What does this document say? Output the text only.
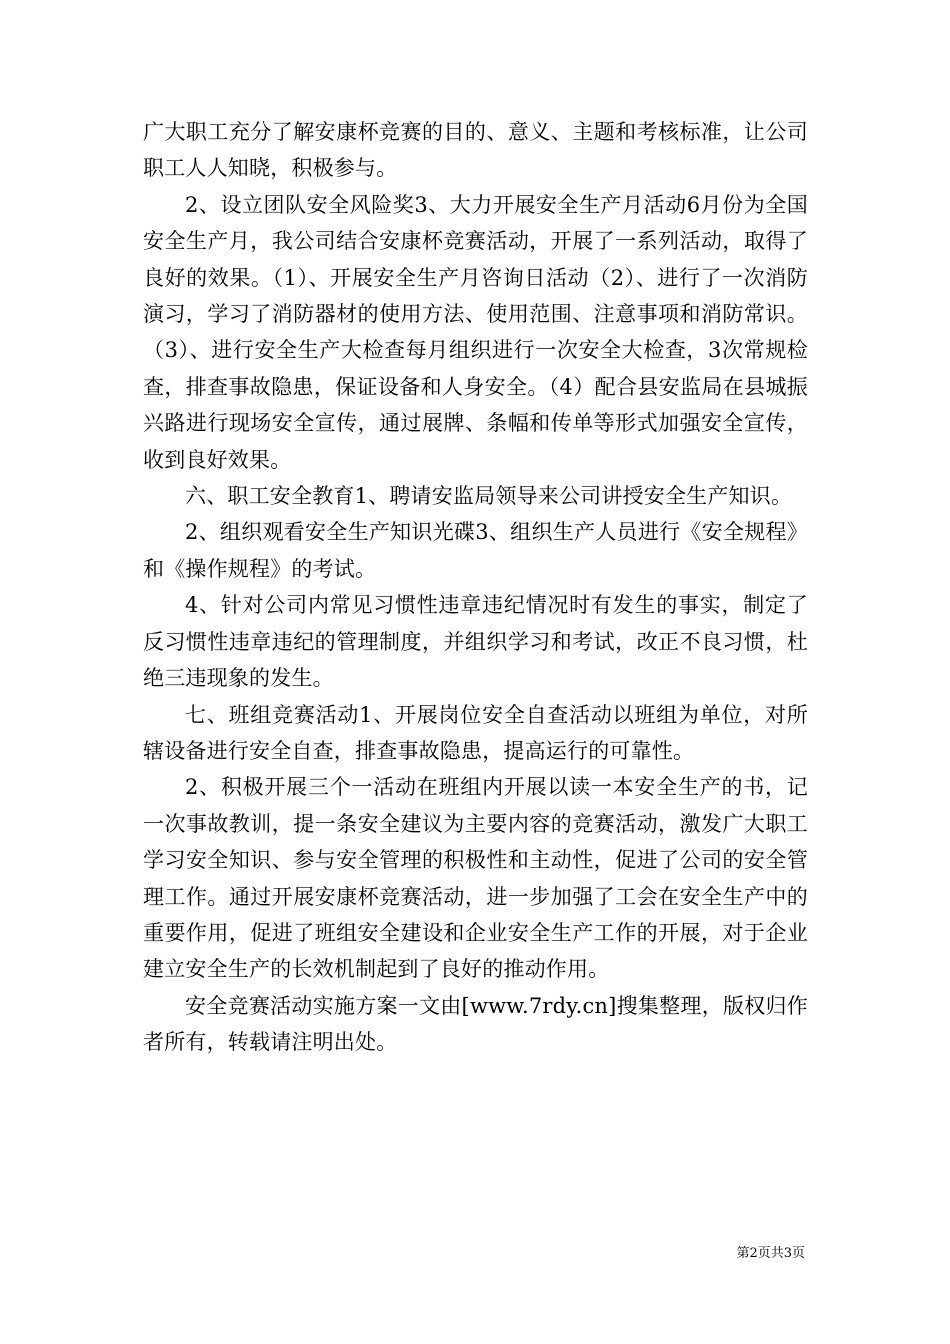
广大职工充分了解安康杯竞赛的目的、意义、主题和考核标准，让公司职工人人知晓，积极参与。

2、设立团队安全风险奖3、大力开展安全生产月活动6月份为全国安全生产月，我公司结合安康杯竞赛活动，开展了一系列活动，取得了良好的效果。（1）、开展安全生产月咨询日活动（2）、进行了一次消防演习，学习了消防器材的使用方法、使用范围、注意事项和消防常识。（3）、进行安全生产大检查每月组织进行一次安全大检查，3次常规检查，排查事故隐患，保证设备和人身安全。（4）配合县安监局在县城振兴路进行现场安全宣传，通过展牌、条幅和传单等形式加强安全宣传，收到良好效果。

六、职工安全教育1、聘请安监局领导来公司讲授安全生产知识。

2、组织观看安全生产知识光碟3、组织生产人员进行《安全规程》和《操作规程》的考试。

4、针对公司内常见习惯性违章违纪情况时有发生的事实，制定了反习惯性违章违纪的管理制度，并组织学习和考试，改正不良习惯，杜绝三违现象的发生。

七、班组竞赛活动1、开展岗位安全自查活动以班组为单位，对所辖设备进行安全自查，排查事故隐患，提高运行的可靠性。

2、积极开展三个一活动在班组内开展以读一本安全生产的书，记一次事故教训，提一条安全建议为主要内容的竞赛活动，激发广大职工学习安全知识、参与安全管理的积极性和主动性，促进了公司的安全管理工作。通过开展安康杯竞赛活动，进一步加强了工会在安全生产中的重要作用，促进了班组安全建设和企业安全生产工作的开展，对于企业建立安全生产的长效机制起到了良好的推动作用。

安全竞赛活动实施方案一文由[www.7rdy.cn]搜集整理，版权归作者所有，转载请注明出处。

第2页共3页
